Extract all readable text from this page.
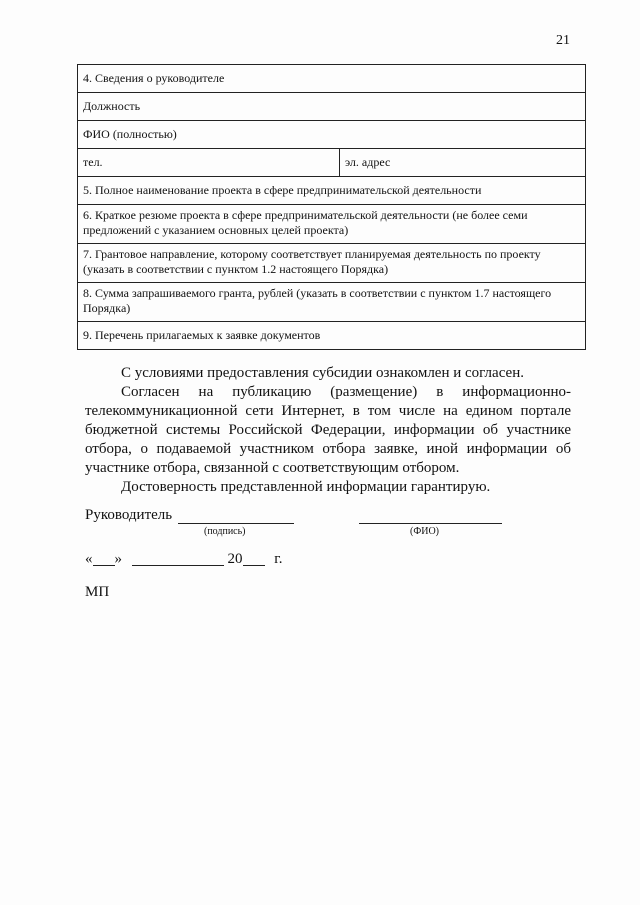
21
4. Сведения о руководителе
Должность
ФИО (полностью)
тел.	эл. адрес
5. Полное наименование проекта в сфере предпринимательской деятельности
6. Краткое резюме проекта в сфере предпринимательской деятельности (не более семи предложений с указанием основных целей проекта)
7. Грантовое направление, которому соответствует планируемая деятельность по проекту (указать в соответствии с пунктом 1.2 настоящего Порядка)
8. Сумма запрашиваемого гранта, рублей (указать в соответствии с пунктом 1.7 настоящего Порядка)
9. Перечень прилагаемых к заявке документов

С условиями предоставления субсидии ознакомлен и согласен.

Согласен на публикацию (размещение) в информационно-телекоммуникационной сети Интернет, в том числе на едином портале бюджетной системы Российской Федерации, информации об участнике отбора, о подаваемой участником отбора заявке, иной информации об участнике отбора, связанной с соответствующим отбором.

Достоверность представленной информации гарантирую.

Руководитель
(подпись)	(ФИО)
« »	20 г.
МП
